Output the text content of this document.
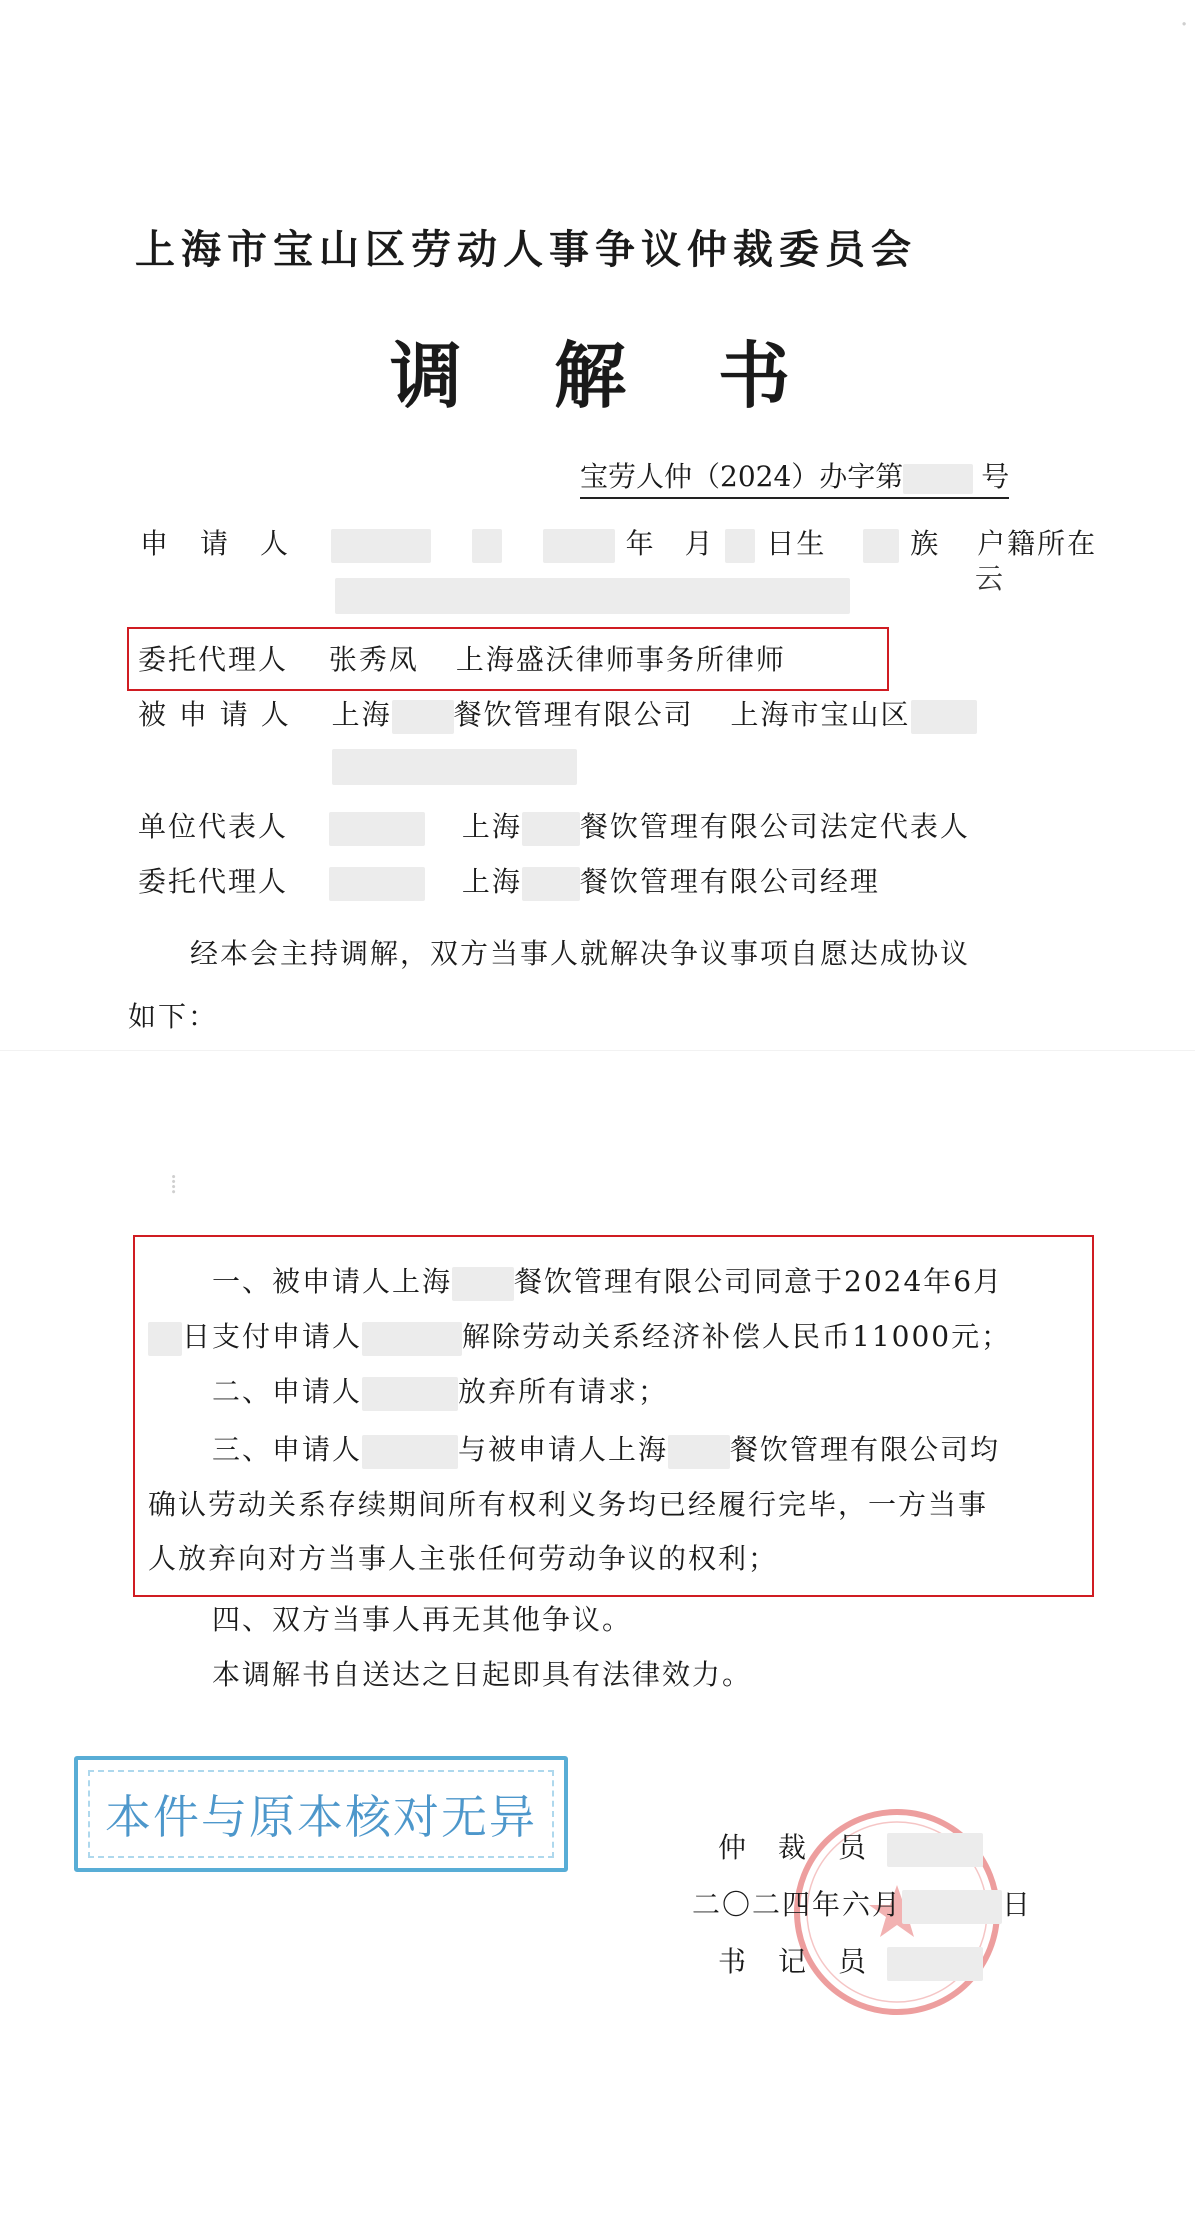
上海市宝山区劳动人事争议仲裁委员会
调　解　书
宝劳人仲（2024）办字第	号
申　请　人	年 月 日生	族 户籍所在
云
委托代理人 张秀凤 上海盛沃律师事务所律师
被 申 请 人 上海 餐饮管理有限公司 上海市宝山区
单位代表人	上海 餐饮管理有限公司法定代表人
委托代理人	上海 餐饮管理有限公司经理
经本会主持调解，双方当事人就解决争议事项自愿达成协议
如下：
一、被申请人上海 餐饮管理有限公司同意于2024年6月
日支付申请人	解除劳动关系经济补偿人民币11000元；
二、申请人	放弃所有请求；
三、申请人	与被申请人上海 餐饮管理有限公司均
确认劳动关系存续期间所有权利义务均已经履行完毕，一方当事
人放弃向对方当事人主张任何劳动争议的权利；
四、双方当事人再无其他争议。
本调解书自送达之日起即具有法律效力。
本件与原本核对无异
仲　裁　员
二〇二四年六月	日
书　记　员
⁞
·
